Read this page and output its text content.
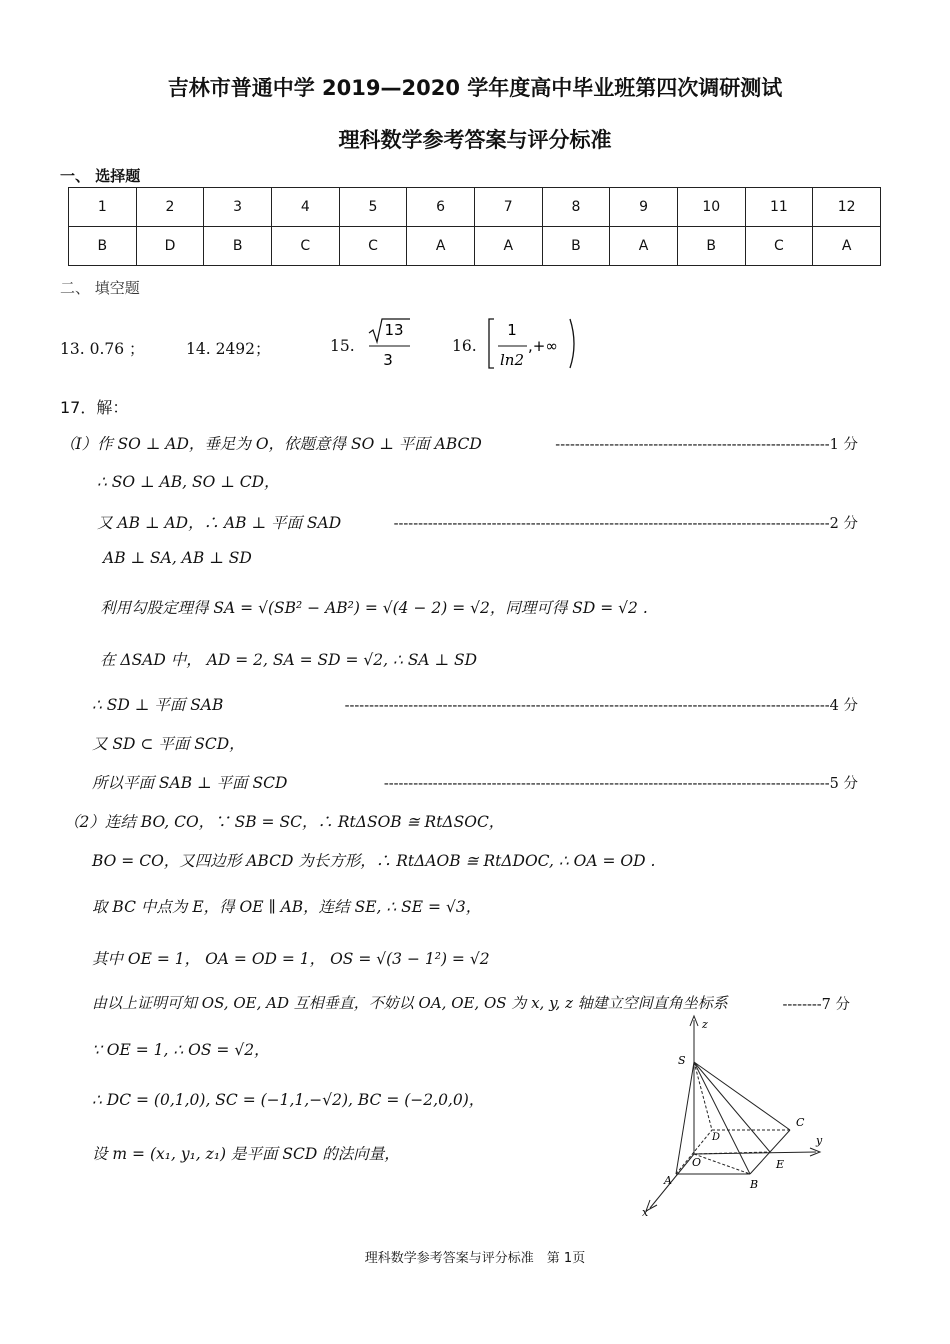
吉林市普通中学 2019—2020 学年度高中毕业班第四次调研测试
理科数学参考答案与评分标准
一、 选择题
1	2	3	4	5	6	7	8	9	10	11	12
B	D	B	C	C	A	A	B	A	B	C	A
二、 填空题
13. 0.76 ；	14. 2492；	15.
13
3
16.
1
ln2
,+∞
17．解：
（Ⅰ）作 SO ⊥ AD，垂足为 O，依题意得 SO ⊥ 平面 ABCD	--------------------------------------------------------1 分
∴ SO ⊥ AB, SO ⊥ CD，
又 AB ⊥ AD，∴ AB ⊥ 平面 SAD	-----------------------------------------------------------------------------------------2 分
AB ⊥ SA, AB ⊥ SD
利用勾股定理得 SA = √(SB² − AB²) = √(4 − 2) = √2，同理可得 SD = √2 .
在 ΔSAD 中， AD = 2, SA = SD = √2, ∴ SA ⊥ SD
∴ SD ⊥ 平面 SAB	---------------------------------------------------------------------------------------------------4 分
又 SD ⊂ 平面 SCD，
所以平面 SAB ⊥ 平面 SCD	-------------------------------------------------------------------------------------------5 分
（2）连结 BO, CO，∵ SB = SC，∴ RtΔSOB ≅ RtΔSOC，
BO = CO，又四边形 ABCD 为长方形，∴ RtΔAOB ≅ RtΔDOC, ∴ OA = OD .
取 BC 中点为 E，得 OE ∥ AB，连结 SE, ∴ SE = √3，
其中 OE = 1， OA = OD = 1， OS = √(3 − 1²) = √2
由以上证明可知 OS, OE, AD 互相垂直，不妨以 OA, OE, OS 为 x, y, z 轴建立空间直角坐标系	--------7 分
∵ OE = 1, ∴ OS = √2，
∴ DC = (0,1,0), SC = (−1,1,−√2), BC = (−2,0,0)，
设 m = (x₁, y₁, z₁) 是平面 SCD 的法向量，
z
y
x
S
D
C
O	E
A	B
理科数学参考答案与评分标准　第 1页
